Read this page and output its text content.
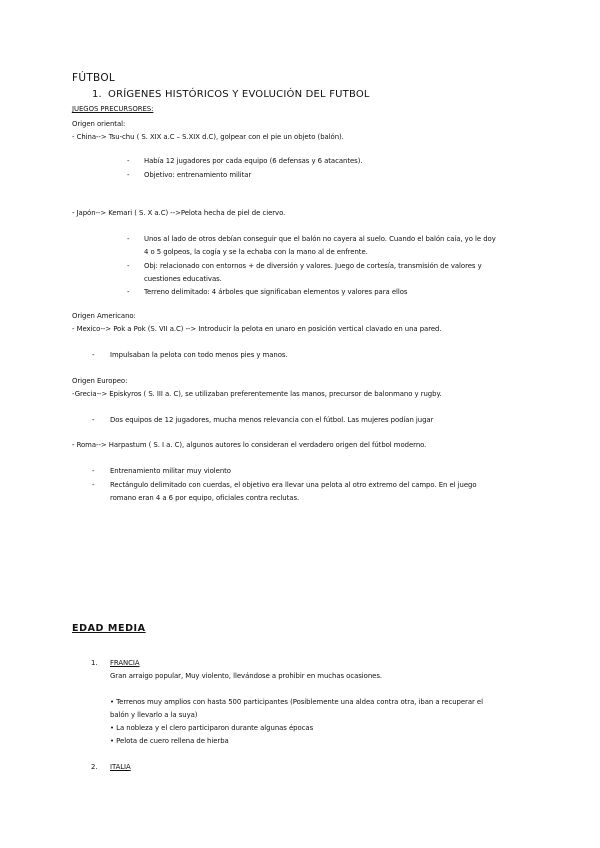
FÚTBOL
1. ORÍGENES HISTÓRICOS Y EVOLUCIÓN DEL FUTBOL
JUEGOS PRECURSORES:
Origen oriental:
- China--> Tsu-chu ( S. XIX a.C – S.XIX d.C), golpear con el pie un objeto (balón).
- Había 12 jugadores por cada equipo (6 defensas y 6 atacantes).
- Objetivo: entrenamiento militar
- Japón--> Kemari ( S. X a.C) -->Pelota hecha de piel de ciervo.
- Unos al lado de otros debían conseguir que el balón no cayera al suelo. Cuando el balón caía, yo le doy
4 o 5 golpeos, la cogía y se la echaba con la mano al de enfrente.
- Obj: relacionado con entornos + de diversión y valores. Juego de cortesía, transmisión de valores y
cuestiones educativas.
- Terreno delimitado: 4 árboles que significaban elementos y valores para ellos
Origen Americano:
- Mexico--> Pok a Pok (S. VII a.C) --> Introducir la pelota en unaro en posición vertical clavado en una pared.
- Impulsaban la pelota con todo menos pies y manos.
Origen Europeo:
-Grecia--> Episkyros ( S. III a. C), se utilizaban preferentemente las manos, precursor de balonmano y rugby.
- Dos equipos de 12 jugadores, mucha menos relevancia con el fútbol. Las mujeres podían jugar
- Roma--> Harpastum ( S. I a. C), algunos autores lo consideran el verdadero origen del fútbol moderno.
- Entrenamiento militar muy violento
- Rectángulo delimitado con cuerdas, el objetivo era llevar una pelota al otro extremo del campo. En el juego
romano eran 4 a 6 por equipo, oficiales contra reclutas.
EDAD MEDIA
1. FRANCIA
Gran arraigo popular, Muy violento, llevándose a prohibir en muchas ocasiones.
• Terrenos muy amplios con hasta 500 participantes (Posiblemente una aldea contra otra, iban a recuperar el
balón y llevarlo a la suya)
• La nobleza y el clero participaron durante algunas épocas
• Pelota de cuero rellena de hierba
2. ITALIA
